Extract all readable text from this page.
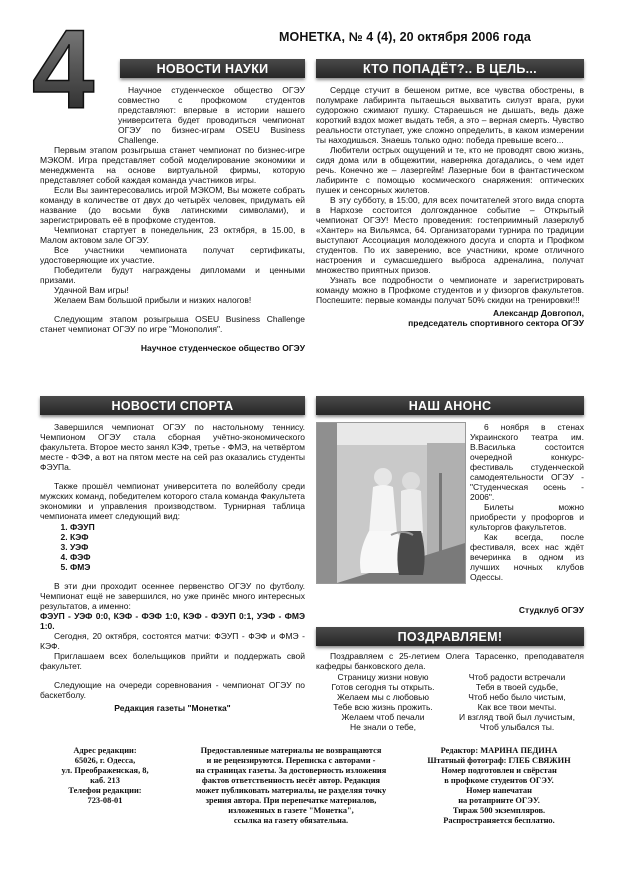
4	МОНЕТКА, № 4 (4), 20 октября 2006 года
НОВОСТИ НАУКИ

Научное студенческое общество ОГЭУ совместно с профкомом студентов представляют: впервые в истории нашего университета будет проводиться чемпионат ОГЭУ по бизнес-играм OSEU Business Challenge.

Первым этапом розыгрыша станет чемпионат по бизнес-игре МЭКОМ. Игра представляет собой моделирование экономики и менеджмента на основе виртуальной фирмы, которую представляет собой каждая команда участников игры.

Если Вы заинтересовались игрой МЭКОМ, Вы можете собрать команду в количестве от двух до четырёх человек, придумать ей название (до восьми букв латинскими символами), и зарегистрировать её в профкоме студентов.

Чемпионат стартует в понедельник, 23 октября, в 15.00, в Малом актовом зале ОГЭУ.

Все участники чемпионата получат сертификаты, удостоверяющие их участие.

Победители будут награждены дипломами и ценными призами.

Удачной Вам игры!

Желаем Вам большой прибыли и низких налогов!

Следующим этапом розыгрыша OSEU Business Challenge станет чемпионат ОГЭУ по игре "Монополия".

Научное студенческое общество ОГЭУ

КТО ПОПАДЁТ?.. В ЦЕЛЬ...

Сердце стучит в бешеном ритме, все чувства обострены, в полумраке лабиринта пытаешься выхватить силуэт врага, руки судорожно сжимают пушку. Стараешься не дышать, ведь даже короткий вздох может выдать тебя, а это – верная смерть. Чувство реальности отступает, уже сложно определить, в каком измерении ты находишься. Знаешь только одно: победа превыше всего...

Любители острых ощущений и те, кто не проводят свою жизнь, сидя дома или в общежитии, наверняка догадались, о чем идет речь. Конечно же – лазергейм! Лазерные бои в фантастическом лабиринте с помощью космического снаряжения: оптических пушек и сенсорных жилетов.

В эту субботу, в 15:00, для всех почитателей этого вида спорта в Нархозе состоится долгожданное событие – Открытый чемпионат ОГЭУ! Место проведения: гостеприимный лазерклуб «Хантер» на Вильямса, 64. Организаторами турнира по традиции выступают Ассоциация молодежного досуга и спорта и Профком студентов. По их заверению, все участники, кроме отличного настроения и сумасшедшего выброса адреналина, получат множество приятных призов.

Узнать все подробности о чемпионате и зарегистрировать команду можно в Профкоме студентов и у физоргов факультетов. Поспешите: первые команды получат 50% скидки на тренировки!!!

Александр Довгопол,

председатель спортивного сектора ОГЭУ

НОВОСТИ СПОРТА

Завершился чемпионат ОГЭУ по настольному теннису. Чемпионом ОГЭУ стала сборная учётно-экономического факультета. Второе место занял КЭФ, третье - ФМЭ, на четвёртом месте - ФЭФ, а вот на пятом месте на сей раз оказались студенты ФЭУПа.

Также прошёл чемпионат университета по волейболу среди мужских команд, победителем которого стала команда Факультета экономики и управления производством. Турнирная таблица чемпионата имеет следующий вид:

1. ФЭУП
2. КЭФ
3. УЭФ
4. ФЭФ
5. ФМЭ

В эти дни проходит осеннее первенство ОГЭУ по футболу. Чемпионат ещё не завершился, но уже принёс много интересных результатов, а именно:

ФЭУП - УЭФ 0:0, КЭФ - ФЭФ 1:0, КЭФ - ФЭУП 0:1, УЭФ - ФМЭ 1:0.

Сегодня, 20 октября, состоятся матчи: ФЭУП - ФЭФ и ФМЭ - КЭФ.

Приглашаем всех болельщиков прийти и поддержать свой факультет.

Следующие на очереди соревнования - чемпионат ОГЭУ по баскетболу.

Редакция газеты "Монетка"

НАШ АНОНС

6 ноября в стенах Украинского театра им. В.Василька состоится очередной конкурс-фестиваль студенческой самодеятельности ОГЭУ - "Студенческая осень - 2006".

Билеты можно приобрести у профоргов и культоргов факультетов.

Как всегда, после фестиваля, всех нас ждёт вечеринка в одном из лучших ночных клубов Одессы.

Студклуб ОГЭУ

ПОЗДРАВЛЯЕМ!

Поздравляем с 25-летием Олега Тарасенко, преподавателя кафедры банковского дела.

Страницу жизни новую
Готов сегодня ты открыть.
Желаем мы с любовью
Тебе всю жизнь прожить.
Желаем чтоб печали
Не знали о тебе,
Чтоб радости встречали
Тебя в твоей судьбе,
Чтоб небо было чистым,
Как все твои мечты.
И взгляд твой был лучистым,
Чтоб улыбался ты.
Адрес редакции:
65026, г. Одесса,
ул. Преображенская, 8,
каб. 213
Телефон редакции:
723-08-01
Предоставленные материалы не возвращаются
и не рецензируются. Переписка с авторами -
на страницах газеты. За достоверность изложения
фактов ответственность несёт автор. Редакция
может публиковать материалы, не разделяя точку
зрения автора. При перепечатке материалов,
изложенных в газете "Монетка",
ссылка на газету обязательна.
Редактор: МАРИНА ПЕДИНА
Штатный фотограф: ГЛЕБ СВЯЖИН
Номер подготовлен и свёрстан
в профкоме студентов ОГЭУ.
Номер напечатан
на ротапринте ОГЭУ.
Тираж 500 экземпляров.
Распространяется бесплатно.
